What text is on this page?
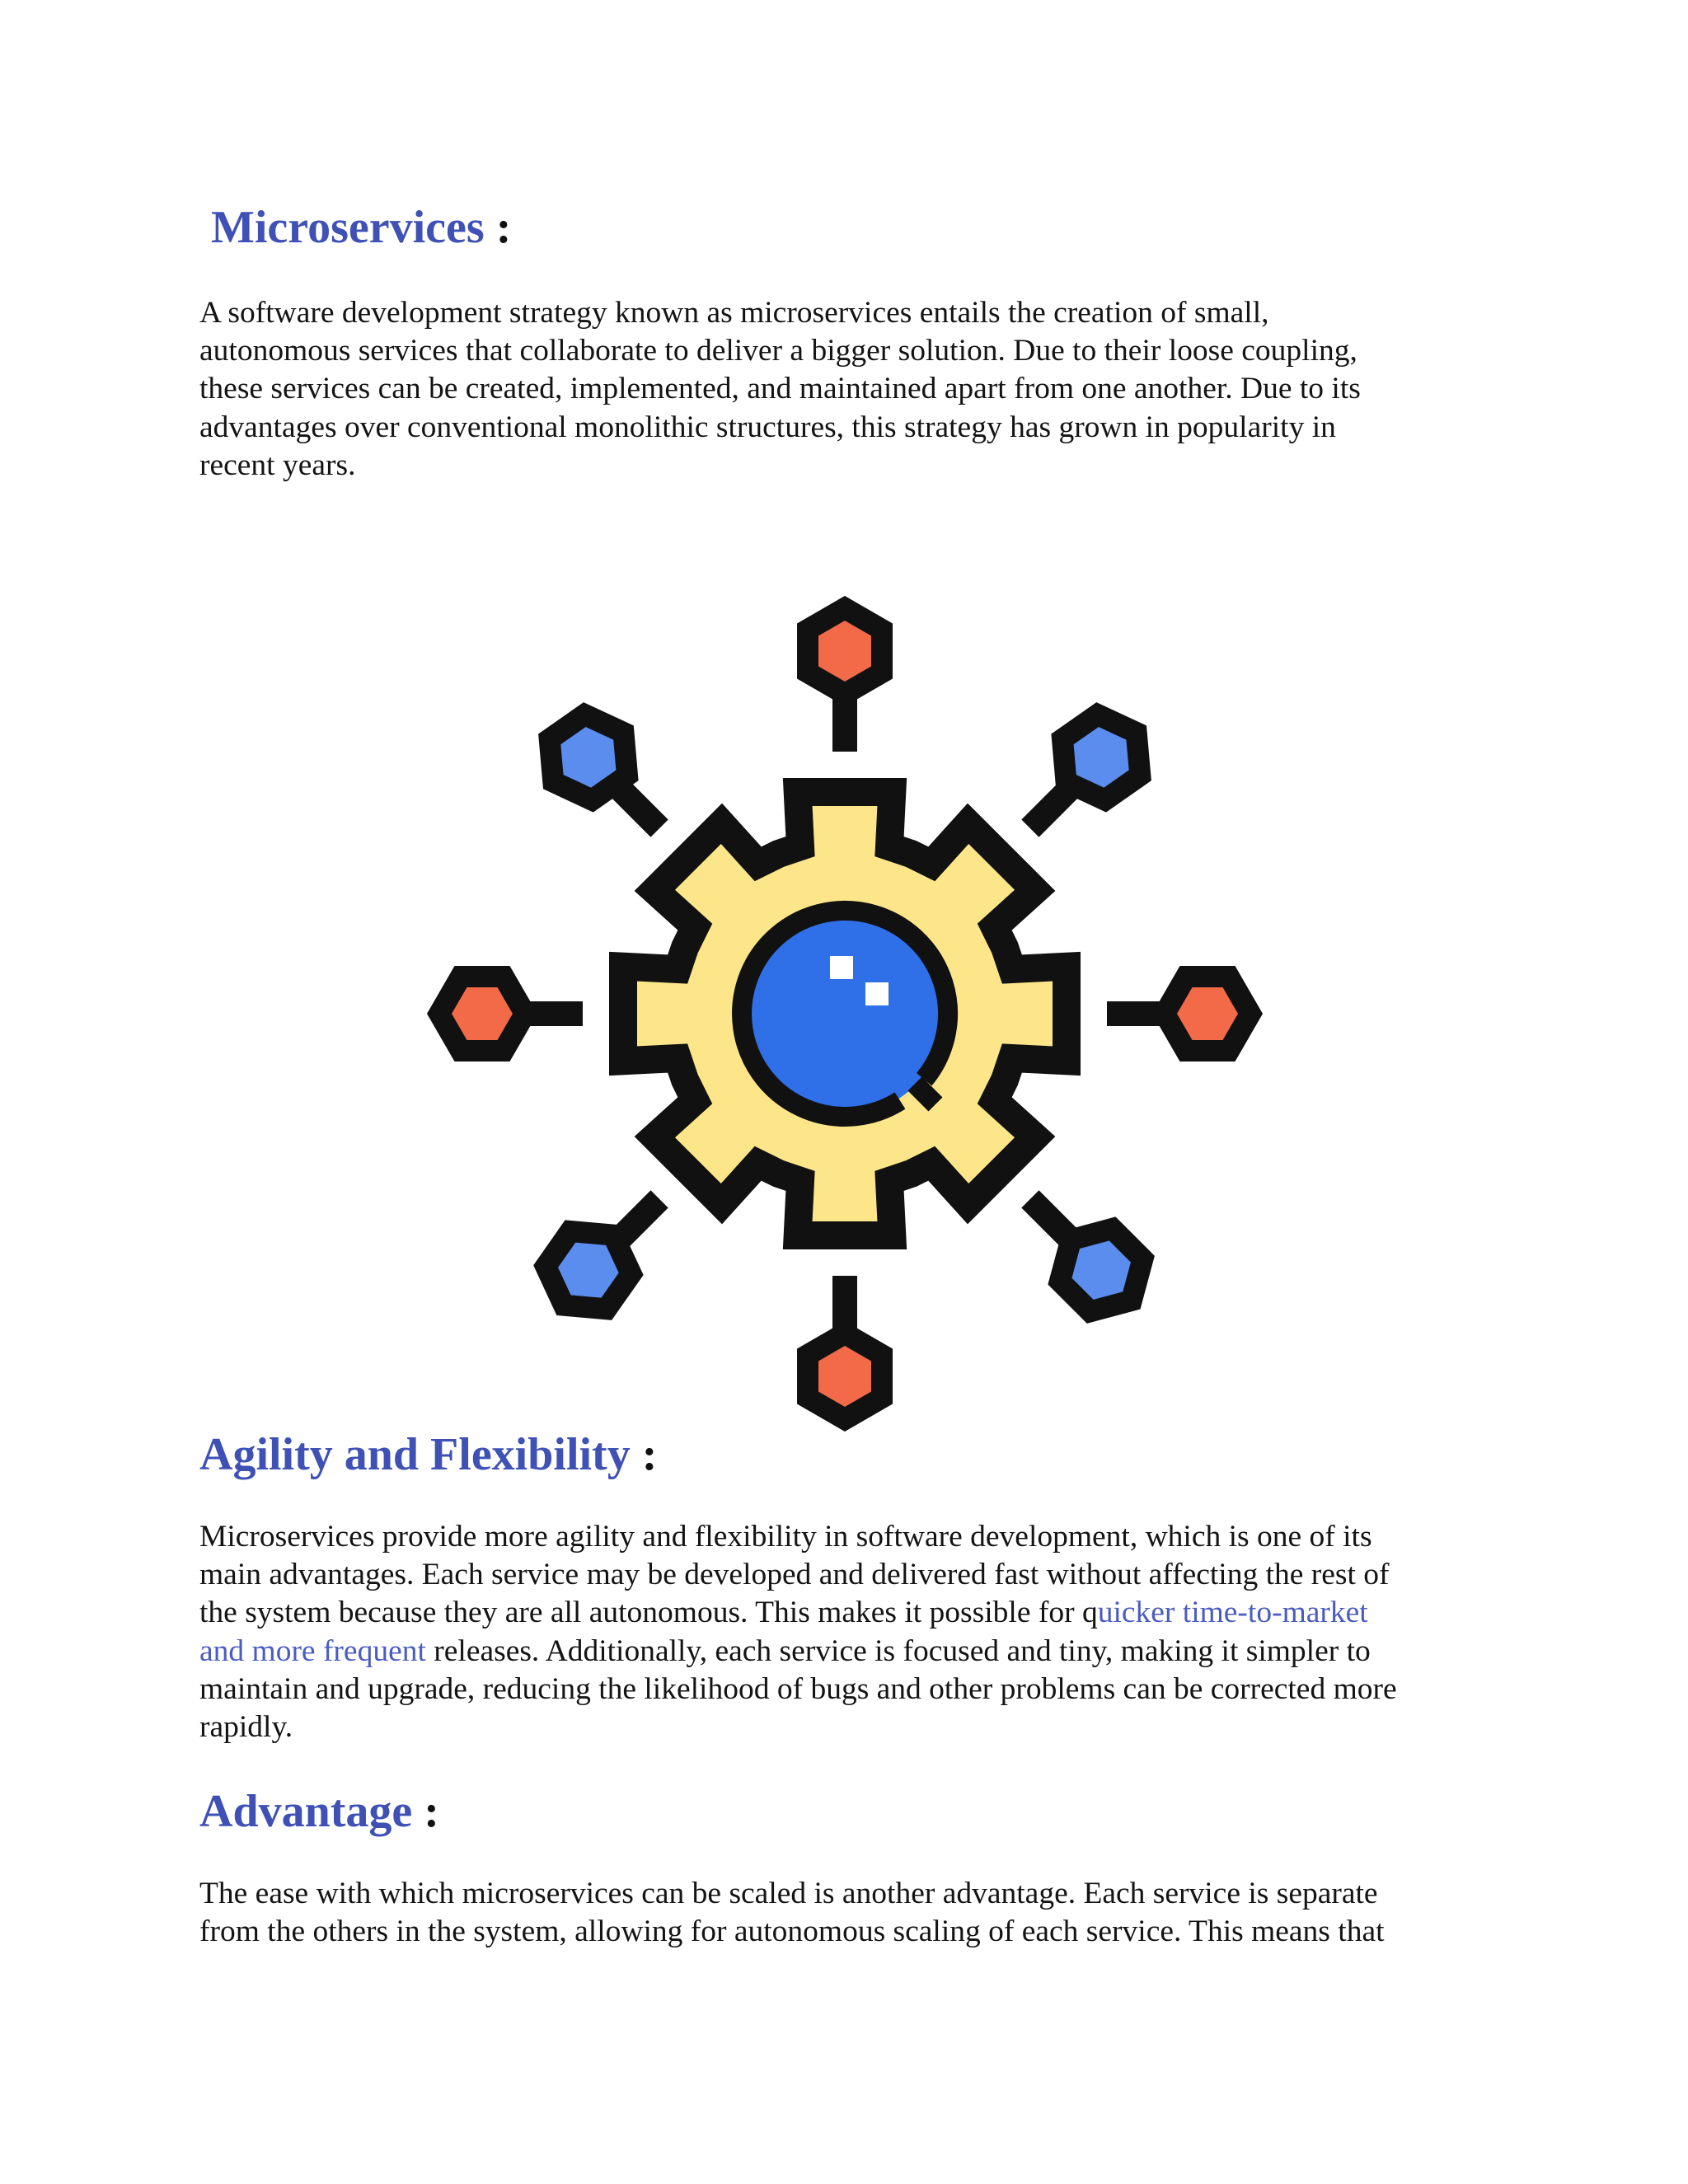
Microservices :

A software development strategy known as microservices entails the creation of small,
autonomous services that collaborate to deliver a bigger solution. Due to their loose coupling,
these services can be created, implemented, and maintained apart from one another. Due to its
advantages over conventional monolithic structures, this strategy has grown in popularity in
recent years.

Agility and Flexibility :

Microservices provide more agility and flexibility in software development, which is one of its
main advantages. Each service may be developed and delivered fast without affecting the rest of
the system because they are all autonomous. This makes it possible for quicker time-to-market
and more frequent releases. Additionally, each service is focused and tiny, making it simpler to
maintain and upgrade, reducing the likelihood of bugs and other problems can be corrected more
rapidly.

Advantage :

The ease with which microservices can be scaled is another advantage. Each service is separate
from the others in the system, allowing for autonomous scaling of each service. This means that
